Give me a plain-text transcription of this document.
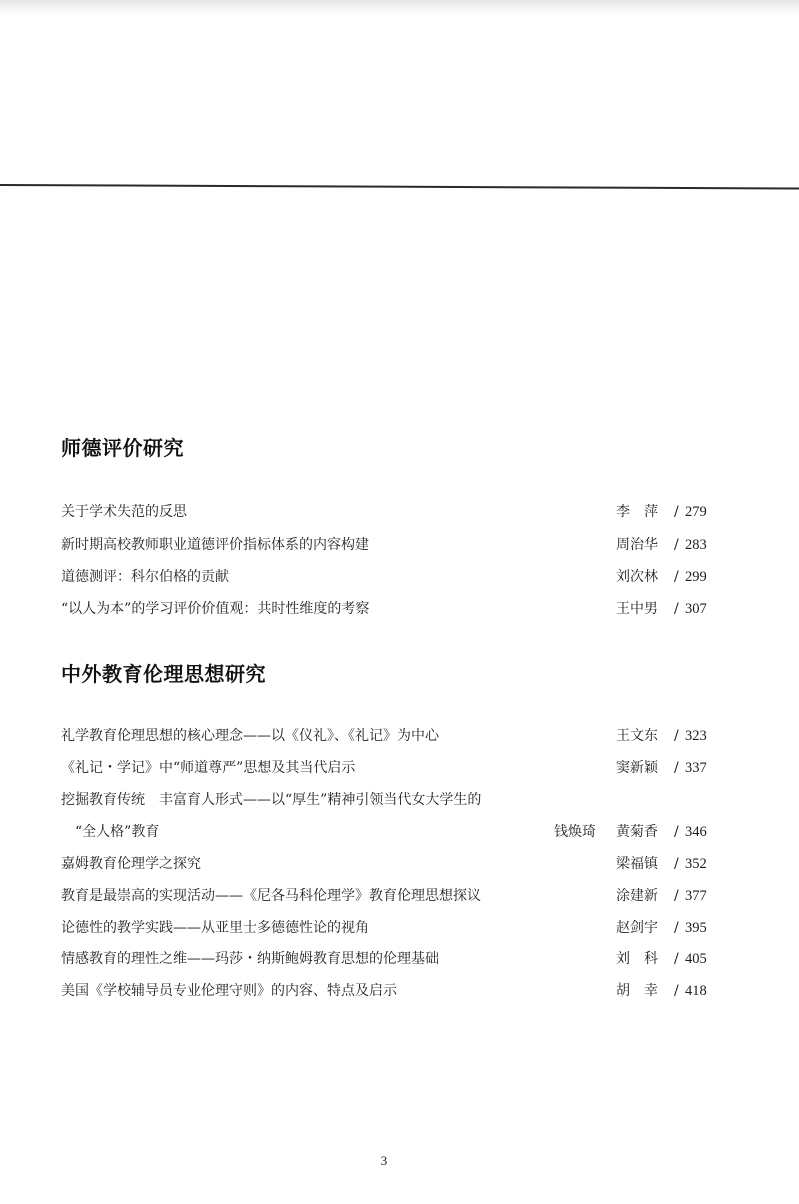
师德评价研究
关于学术失范的反思	李　萍 / 279
新时期高校教师职业道德评价指标体系的内容构建	周治华 / 283
道德测评：科尔伯格的贡献	刘次林 / 299
“以人为本”的学习评价价值观：共时性维度的考察	王中男 / 307
中外教育伦理思想研究
礼学教育伦理思想的核心理念——以《仪礼》、《礼记》为中心	王文东 / 323
《礼记・学记》中“师道尊严”思想及其当代启示	窦新颖 / 337
挖掘教育传统　丰富育人形式——以“厚生”精神引领当代女大学生的
“全人格”教育	钱焕琦 黄菊香 / 346
嘉姆教育伦理学之探究	梁福镇 / 352
教育是最崇高的实现活动——《尼各马科伦理学》教育伦理思想探议	涂建新 / 377
论德性的教学实践——从亚里士多德德性论的视角	赵剑宇 / 395
情感教育的理性之维——玛莎・纳斯鲍姆教育思想的伦理基础	刘　科 / 405
美国《学校辅导员专业伦理守则》的内容、特点及启示	胡　幸 / 418
3
